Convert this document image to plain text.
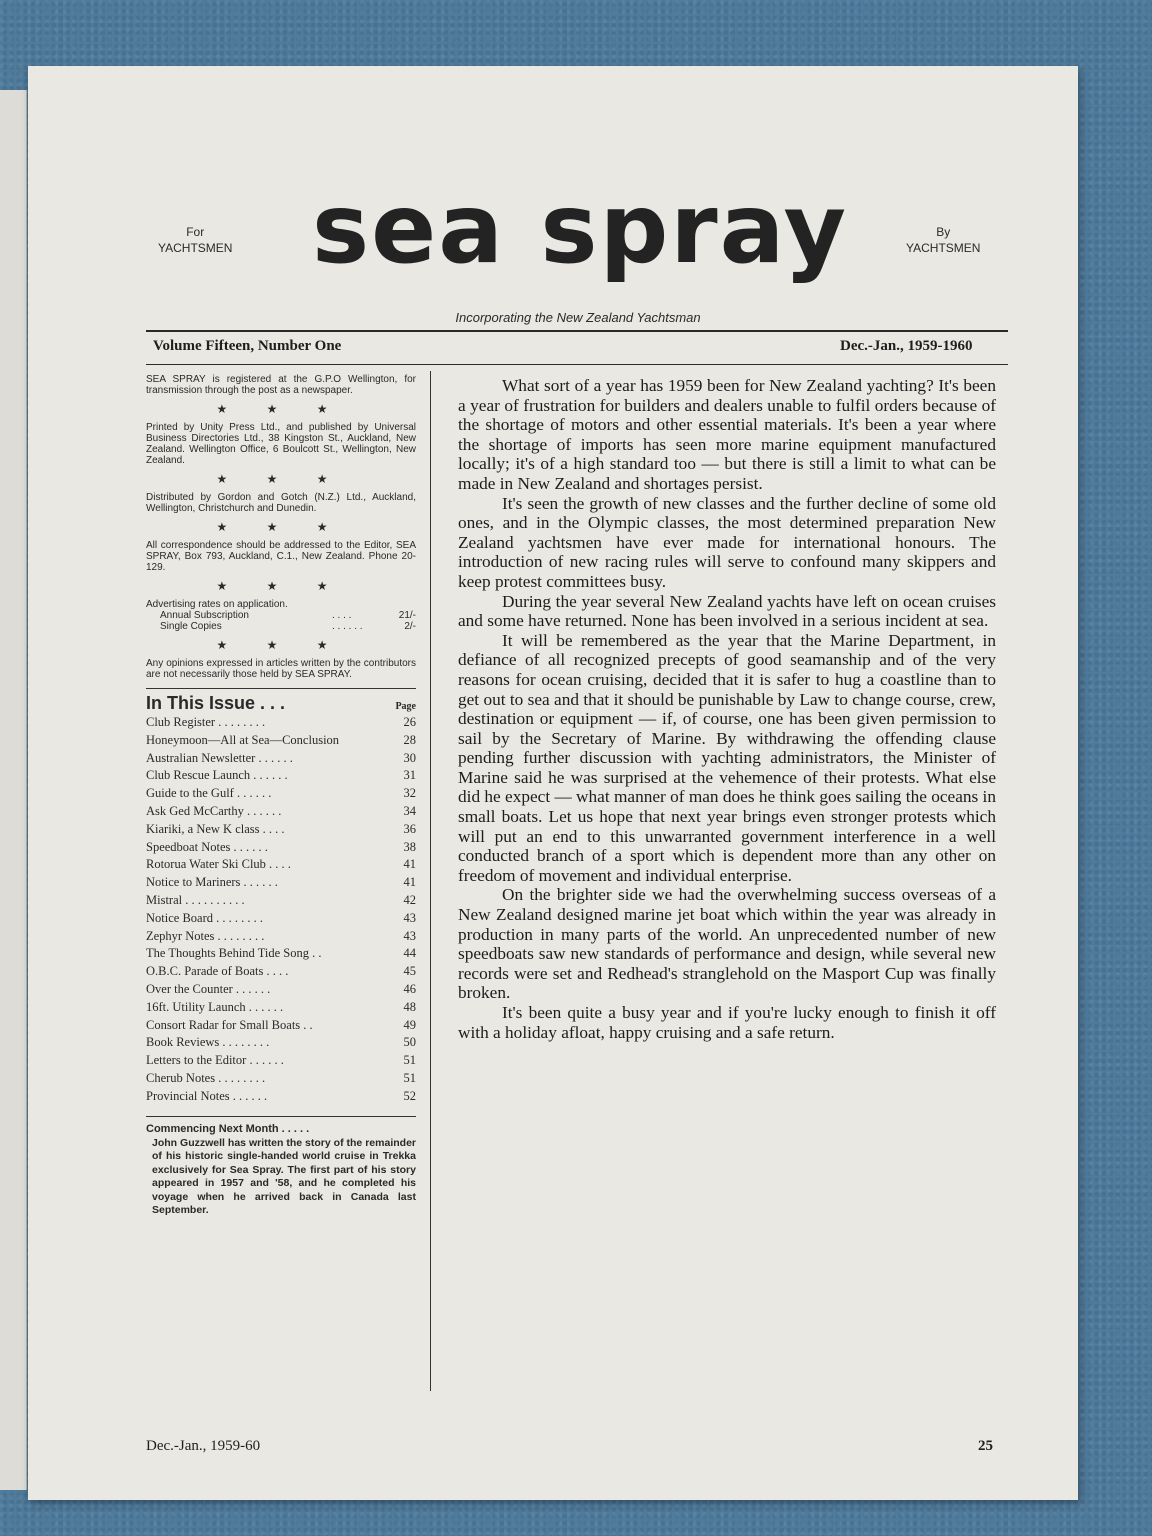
For
YACHTSMEN sea spray	By
YACHTSMEN
Incorporating the New Zealand Yachtsman
Volume Fifteen, Number One	Dec.-Jan., 1959-1960

SEA SPRAY is registered at the G.P.O Wellington, for transmission through the post as a newspaper.

★ ★ ★

Printed by Unity Press Ltd., and published by Universal Business Directories Ltd., 38 Kingston St., Auckland, New Zealand. Wellington Office, 6 Boulcott St., Wellington, New Zealand.

★ ★ ★

Distributed by Gordon and Gotch (N.Z.) Ltd., Auckland, Wellington, Christchurch and Dunedin.

★ ★ ★

All correspondence should be addressed to the Editor, SEA SPRAY, Box 793, Auckland, C.1., New Zealand. Phone 20-129.

★ ★ ★

Advertising rates on application.

Annual Subscription	. . . .	21/-
Single Copies	. . . . . .	2/-
★ ★ ★

Any opinions expressed in articles written by the contributors are not necessarily those held by SEA SPRAY.

In This Issue . . .	Page
Club Register . . . . . . . .	26
Honeymoon—All at Sea—Conclusion	28
Australian Newsletter . . . . . .	30
Club Rescue Launch . . . . . .	31
Guide to the Gulf . . . . . .	32
Ask Ged McCarthy . . . . . .	34
Kiariki, a New K class . . . .	36
Speedboat Notes . . . . . .	38
Rotorua Water Ski Club . . . .	41
Notice to Mariners . . . . . .	41
Mistral . . . . . . . . . .	42
Notice Board . . . . . . . .	43
Zephyr Notes . . . . . . . .	43
The Thoughts Behind Tide Song . .	44
O.B.C. Parade of Boats . . . .	45
Over the Counter . . . . . .	46
16ft. Utility Launch . . . . . .	48
Consort Radar for Small Boats . .	49
Book Reviews . . . . . . . .	50
Letters to the Editor . . . . . .	51
Cherub Notes . . . . . . . .	51
Provincial Notes . . . . . .	52

Commencing Next Month . . . . .

John Guzzwell has written the story of the remainder of his historic single-handed world cruise in Trekka exclusively for Sea Spray. The first part of his story appeared in 1957 and '58, and he completed his voyage when he arrived back in Canada last September.

What sort of a year has 1959 been for New Zealand yachting? It's been a year of frustration for builders and dealers unable to fulfil orders because of the shortage of motors and other essential materials. It's been a year where the shortage of imports has seen more marine equipment manufactured locally; it's of a high standard too — but there is still a limit to what can be made in New Zealand and shortages persist.

It's seen the growth of new classes and the further decline of some old ones, and in the Olympic classes, the most determined preparation New Zealand yachtsmen have ever made for international honours. The introduction of new racing rules will serve to confound many skippers and keep protest committees busy.

During the year several New Zealand yachts have left on ocean cruises and some have returned. None has been involved in a serious incident at sea.

It will be remembered as the year that the Marine Department, in defiance of all recognized precepts of good seamanship and of the very reasons for ocean cruising, decided that it is safer to hug a coastline than to get out to sea and that it should be punishable by Law to change course, crew, destination or equipment — if, of course, one has been given permission to sail by the Secretary of Marine. By withdrawing the offending clause pending further discussion with yachting administrators, the Minister of Marine said he was surprised at the vehemence of their protests. What else did he expect — what manner of man does he think goes sailing the oceans in small boats. Let us hope that next year brings even stronger protests which will put an end to this unwarranted government interference in a well conducted branch of a sport which is dependent more than any other on freedom of movement and individual enterprise.

On the brighter side we had the overwhelming success overseas of a New Zealand designed marine jet boat which within the year was already in production in many parts of the world. An unprecedented number of new speedboats saw new standards of performance and design, while several new records were set and Redhead's stranglehold on the Masport Cup was finally broken.

It's been quite a busy year and if you're lucky enough to finish it off with a holiday afloat, happy cruising and a safe return.

Dec.-Jan., 1959-60	25
